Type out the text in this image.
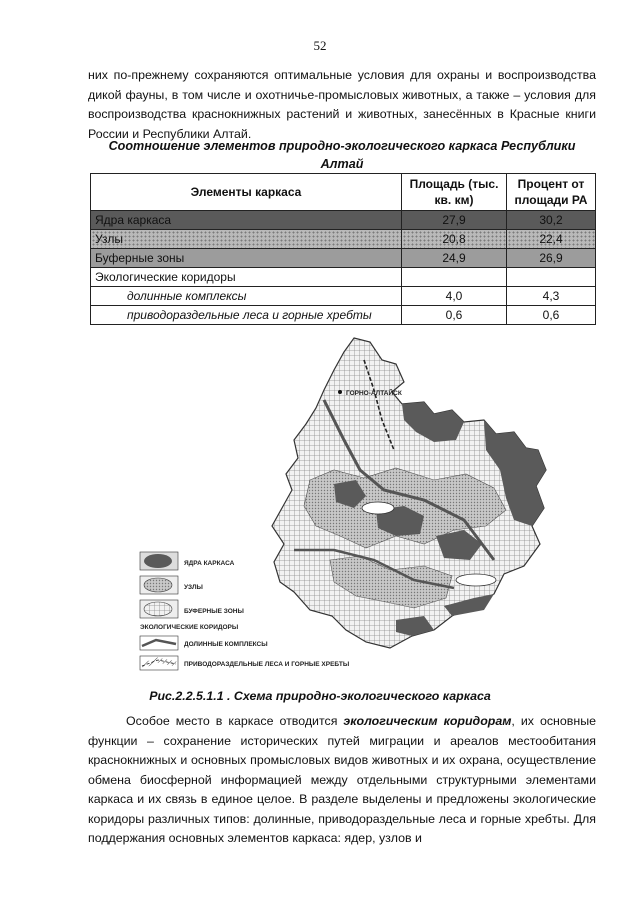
52

них по-прежнему сохраняются оптимальные условия для охраны и воспроизводства дикой фауны, в том числе и охотничье-промысловых животных, а также – условия для воспроизводства краснокнижных растений и животных, занесённых в Красные книги России и Республики Алтай.

Соотношение элементов природно-экологического каркаса Республики Алтай
Элементы каркаса	Площадь (тыс. кв. км)	Процент от площади РА
Ядра каркаса	27,9	30,2
Узлы	20,8	22,4
Буферные зоны	24,9	26,9
Экологические коридоры		
долинные комплексы	4,0	4,3
приводораздельные леса и горные хребты	0,6	0,6
ГОРНО-АЛТАЙСК
ЯДРА КАРКАСА
УЗЛЫ
БУФЕРНЫЕ ЗОНЫ
ЭКОЛОГИЧЕСКИЕ КОРИДОРЫ
ДОЛИННЫЕ КОМПЛЕКСЫ
ПРИВОДОРАЗДЕЛЬНЫЕ ЛЕСА И ГОРНЫЕ ХРЕБТЫ
Рис.2.2.5.1.1 . Схема природно-экологического каркаса

Особое место в каркасе отводится экологическим коридорам, их основные функции – сохранение исторических путей миграции и ареалов местообитания краснокнижных и основных промысловых видов животных и их охрана, осуществление обмена биосферной информацией между отдельными структурными элементами каркаса и их связь в единое целое. В разделе выделены и предложены экологические коридоры различных типов: долинные, приводораздельные леса и горные хребты. Для поддержания основных элементов каркаса: ядер, узлов и
